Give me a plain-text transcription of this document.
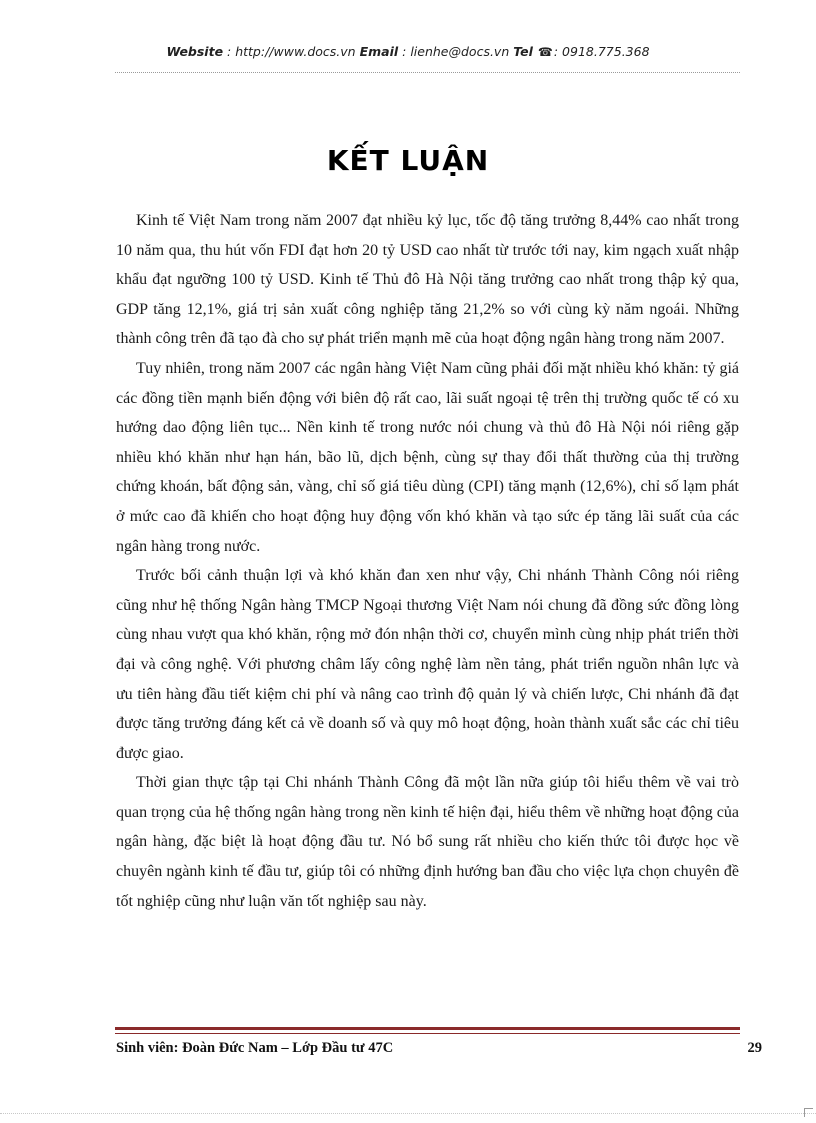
Website : http://www.docs.vn Email : lienhe@docs.vn Tel ☎: 0918.775.368
KẾT LUẬN

Kinh tế Việt Nam trong năm 2007 đạt nhiều kỷ lục, tốc độ tăng trưởng 8,44% cao nhất trong 10 năm qua, thu hút vốn FDI đạt hơn 20 tỷ USD cao nhất từ trước tới nay, kim ngạch xuất nhập khẩu đạt ngưỡng 100 tỷ USD. Kinh tế Thủ đô Hà Nội tăng trưởng cao nhất trong thập kỷ qua, GDP tăng 12,1%, giá trị sản xuất công nghiệp tăng 21,2% so với cùng kỳ năm ngoái. Những thành công trên đã tạo đà cho sự phát triển mạnh mẽ của hoạt động ngân hàng trong năm 2007.

Tuy nhiên, trong năm 2007 các ngân hàng Việt Nam cũng phải đối mặt nhiều khó khăn: tỷ giá các đồng tiền mạnh biến động với biên độ rất cao, lãi suất ngoại tệ trên thị trường quốc tế có xu hướng dao động liên tục... Nền kinh tế trong nước nói chung và thủ đô Hà Nội nói riêng gặp nhiều khó khăn như hạn hán, bão lũ, dịch bệnh, cùng sự thay đổi thất thường của thị trường chứng khoán, bất động sản, vàng, chỉ số giá tiêu dùng (CPI) tăng mạnh (12,6%), chỉ số lạm phát ở mức cao đã khiến cho hoạt động huy động vốn khó khăn và tạo sức ép tăng lãi suất của các ngân hàng trong nước.

Trước bối cảnh thuận lợi và khó khăn đan xen như vậy, Chi nhánh Thành Công nói riêng cũng như hệ thống Ngân hàng TMCP Ngoại thương Việt Nam nói chung đã đồng sức đồng lòng cùng nhau vượt qua khó khăn, rộng mở đón nhận thời cơ, chuyển mình cùng nhịp phát triển thời đại và công nghệ. Với phương châm lấy công nghệ làm nền tảng, phát triển nguồn nhân lực và ưu tiên hàng đầu tiết kiệm chi phí và nâng cao trình độ quản lý và chiến lược, Chi nhánh đã đạt được tăng trưởng đáng kết cả về doanh số và quy mô hoạt động, hoàn thành xuất sắc các chỉ tiêu được giao.

Thời gian thực tập tại Chi nhánh Thành Công đã một lần nữa giúp tôi hiểu thêm về vai trò quan trọng của hệ thống ngân hàng trong nền kinh tế hiện đại, hiểu thêm về những hoạt động của ngân hàng, đặc biệt là hoạt động đầu tư. Nó bổ sung rất nhiều cho kiến thức tôi được học về chuyên ngành kinh tế đầu tư, giúp tôi có những định hướng ban đầu cho việc lựa chọn chuyên đề tốt nghiệp cũng như luận văn tốt nghiệp sau này.

Sinh viên: Đoàn Đức Nam – Lớp Đầu tư 47C	29
